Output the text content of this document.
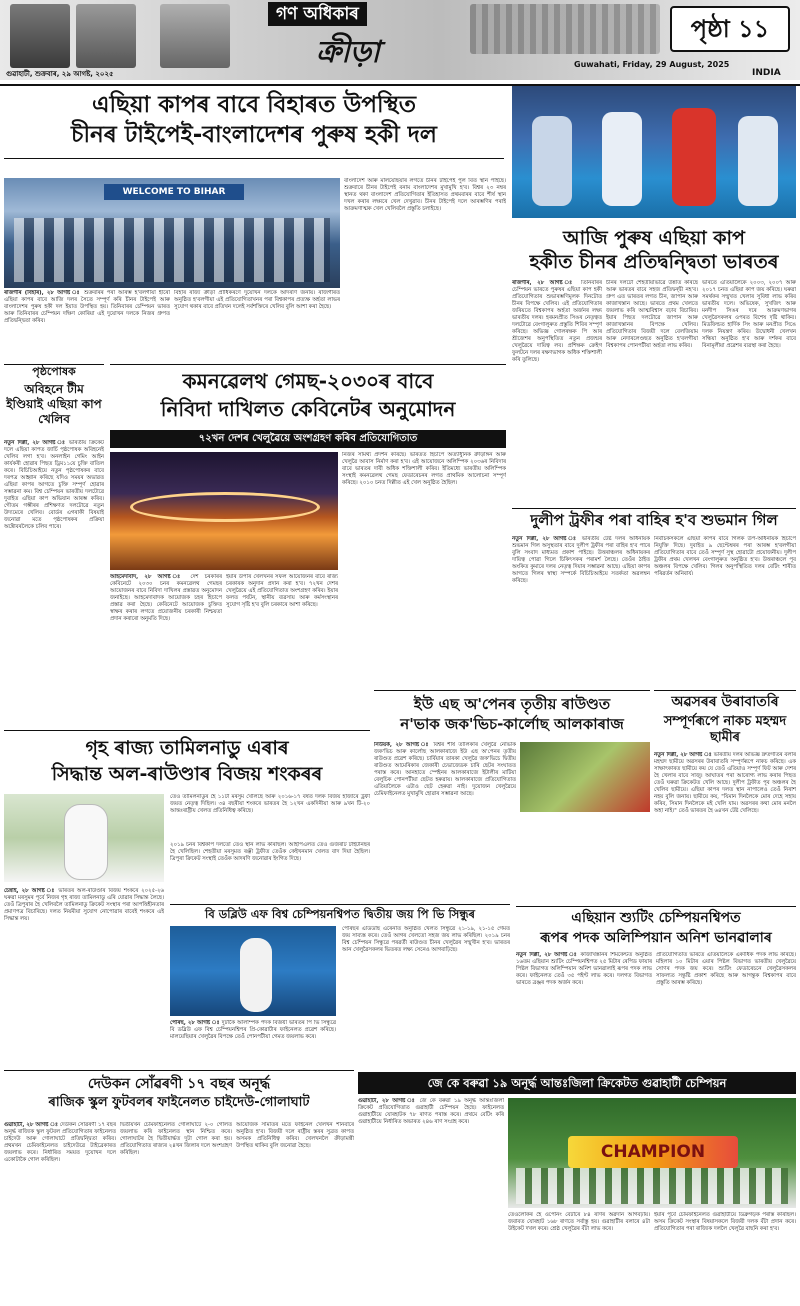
গণ অধিকাৰ
ক্ৰীড়া
গুৱাহাটী, শুক্ৰবাৰ, ২৯ আগষ্ট, ২০২৫
পৃষ্ঠা ১১
Guwahati, Friday, 29 August, 2025
INDIA
এছিয়া কাপৰ বাবে বিহাৰত উপস্থিত
চীনৰ টাইপেই-বাংলাদেশৰ পুৰুষ হকী দল
WELCOME TO BIHAR
ৰাজগীৰ (বিহাৰ), ২৮ আগষ্ট ঃ শুক্ৰবাৰৰ পৰা আৰম্ভ হ'বলগীয়া হীৰো এছিয়া কাপৰ বাবে আজি দলৰ সৈতে সম্পূৰ্ণ কৰি চীনৰ টাইপেই আৰু বাংলাদেশৰ পুৰুষ হকী দল ইয়াত উপস্থিত হয়। তিনিবাৰৰ চেম্পিয়ন ভাৰত আৰু তিনিবাৰৰ চেম্পিয়ন দক্ষিণ কোৰিয়া এই দুয়োখন দলকে নিজৰ গ্ৰুপত প্ৰতিদ্বন্দ্বিতা কৰিব।
বিহাৰ ৰাজ্য ক্ৰীড়া প্ৰাধিকৰণে দুয়োখন দলকে আদৰণি জনায়। ৰাজগীৰত অনুষ্ঠিত হ'বলগীয়া এই প্ৰতিযোগিতাখনৰ পৰা বিশ্বকাপৰ প্ৰত্যক্ষ অৰ্হতা লাভৰ সুযোগ থকাৰ বাবে প্ৰতিখন দলেই সৰ্বশক্তিৰে খেলিব বুলি আশা কৰা হৈছে।
বাংলাদেশ আৰু মালয়েছিয়াৰ লগতে চীনৰ টাইপেই পুল বিত স্থান পাইছে। শুক্ৰবাৰে চীনৰ টাইপেই বনাম বাংলাদেশৰ মুখামুখি হ'ব। বিশ্বৰ ২৩ নম্বৰ স্থানত থকা বাংলাদেশ প্ৰতিযোগিতাৰ ইতিহাসত প্ৰথমবাৰৰ বাবে শীৰ্ষ স্থান দখল কৰাৰ লক্ষ্যৰে খেল দেখুৱাব। চীনৰ টাইপেই দলে আৰম্ভণিৰ পৰাই আক্ৰমণাত্মক খেল খেলিবলৈ প্ৰস্তুতি চলাইছে।
আজি পুৰুষ এছিয়া কাপ
হকীত চীনৰ প্ৰতিদ্বন্দ্বিতা ভাৰতৰ
ৰাজগীৰ, ২৮ আগষ্ট ঃ তিনিবাৰৰ চেম্পিয়ন ভাৰতে পুৰুষৰ এছিয়া কাপ হকী প্ৰতিযোগিতাৰ শুভাৰম্ভণিমূলক দিনটোত চীনৰ বিপক্ষে খেলিব। এই প্ৰতিযোগিতাৰ জৰিয়তে বিশ্বকাপৰ অৰ্হতা অৰ্জনৰ লক্ষ্য ভাৰতীয় দলৰ। হৰমনপ্ৰীত সিঙৰ নেতৃত্বত দলটোৱে বেংগালুৰুত প্ৰস্তুতি শিবিৰ সম্পূৰ্ণ কৰিছে। অভিজ্ঞ গোলৰক্ষক পি আৰ শ্ৰীজেশৰ অনুপস্থিতিত নতুন প্ৰজন্মৰ খেলুৱৈয়ে দায়িত্ব লব। প্ৰশিক্ষক ক্ৰেইগ ফুলটনে দলৰ ৰক্ষণভাগক অধিক শক্তিশালী কৰি তুলিছে।
চীনৰ দলটো শেহতীয়াভাৱে উন্নতি কৰিছে আৰু ভাৰতৰ বাবে সহজ প্ৰতিদ্বন্দ্বী নহ'ব। গ্ৰুপ এত ভাৰতৰ লগত চীন, জাপান আৰু কাজাখস্তান আছে। ভাৰতে প্ৰথম খেলতে জয়লাভ কৰি আত্মবিশ্বাস বঢ়াব বিচাৰিব। ইয়াৰ পিছত দলটোৱে জাপান আৰু কাজাখস্তানৰ বিপক্ষে খেলিব। প্ৰতিযোগিতাৰ বিজয়ী দলে বেলজিয়াম আৰু নেদাৰলেণ্ডছত অনুষ্ঠিত হ'বলগীয়া বিশ্বকাপৰ পোনপটীয়া অৰ্হতা লাভ কৰিব।
ভাৰতে এতিয়ালৈকে ২০০৩, ২০০৭ আৰু ২০১৭ চনত এছিয়া কাপ জয় কৰিছে। ঘৰুৱা সমৰ্থকৰ সন্মুখত খেলাৰ সুবিধা লাভ কৰিব ভাৰতীয় দলে। অভিষেক, সুখজিৎ আৰু মনদীপ সিঙৰ দৰে আক্ৰমণভাগৰ খেলুৱৈসকলৰ ওপৰত বিশেষ দৃষ্টি থাকিব। মিডফিল্ডত হাৰ্দিক সিং আৰু মনপ্ৰীত সিঙে দলক নিয়ন্ত্ৰণ কৰিব। উদ্বোধনী খেলখন সন্ধিয়া অনুষ্ঠিত হ'ব আৰু দৰ্শকৰ বাবে বিনামূলীয়া প্ৰৱেশৰ ব্যৱস্থা কৰা হৈছে।
পৃষ্ঠপোষক
অবিহনে টীম ইণ্ডিয়াই এছিয়া কাপ খেলিব
নতুন দিল্লী, ২৮ আগষ্ট ঃ ভাৰতীয় ক্ৰিকেট দলে এছিয়া কাপত জাৰ্চি পৃষ্ঠপোষক অবিহনেই খেলিব লগা হ'ব। অনলাইন গেমিং আইন কাৰ্যকৰী হোৱাৰ পিছত ড্ৰিম১১য়ে চুক্তি বাতিল কৰে। বিচিচিআইয়ে নতুন পৃষ্ঠপোষকৰ বাবে দৰপত্ৰ আহ্বান কৰিছে যদিও সময়ৰ অভাৱত এছিয়া কাপৰ আগতে চুক্তি সম্পূৰ্ণ হোৱাৰ সম্ভাৱনা কম। বিশ্ব চেম্পিয়ন ভাৰতীয় দলটোৱে দুবাইত এছিয়া কাপ অভিযান আৰম্ভ কৰিব। গৌতম গম্ভীৰৰ প্ৰশিক্ষণত দলটোৱে নতুন উদ্যমেৰে খেলিব। বোৰ্ডৰ এগৰাকী বিষয়াই জনোৱা মতে পৃষ্ঠপোষকৰ প্ৰক্ৰিয়া অক্টোবৰলৈকে চলিব পাৰে।
কমনৱেলথ গেমছ-২০৩০ৰ বাবে
নিবিদা দাখিলত কেবিনেটৰ অনুমোদন
৭২খন দেশৰ খেলুৱৈয়ে অংশগ্ৰহণ কৰিব প্ৰতিযোগিতাত
আহমেদাবাদ, ২৮ আগষ্ট ঃ দেশ চৰকাৰৰ কেবিনেটে ২০৩০ চনৰ কমনৱেলথ গেমছৰ আয়োজনৰ বাবে নিবিদা দাখিলৰ প্ৰস্তাৱত অনুমোদন জনাইছে। আহমেদাবাদক আয়োজক চহৰ হিচাপে প্ৰস্তাৱ কৰা হৈছে। কেবিনেটে আয়োজক চুক্তিত স্বাক্ষৰ কৰাৰ লগতে প্ৰয়োজনীয় চৰকাৰী নিশ্চয়তা প্ৰদান কৰাৰো অনুমতি দিছে।
ইয়াৰ উপৰি খেলখনৰ সফল আয়োজনৰ বাবে ৰাজ্য চৰকাৰক অনুদান প্ৰদান কৰা হ'ব। ৭২খন দেশৰ খেলুৱৈয়ে এই প্ৰতিযোগিতাত অংশগ্ৰহণ কৰিব। ইয়াৰ ফলত পৰ্যটন, স্থানীয় ব্যৱসায় আৰু কৰ্মসংস্থানৰ সুযোগ সৃষ্টি হ'ব বুলি চৰকাৰে আশা কৰিছে।
নিজৰ সামৰ্থ্য প্ৰদৰ্শন কৰিছে। ভাৰতত হিচাপে অত্যাধুনিক ক্ৰীড়াঙ্গন আৰু খেলুৱৈ আবাস নিৰ্মাণ কৰা হ'ব। এই আয়োজনে অলিম্পিক ২০৩৬ৰ নিবিদাৰ বাবে ভাৰতৰ দাবী অধিক শক্তিশালী কৰিব। ইতিমধ্যে ভাৰতীয় অলিম্পিক সংস্থাই কমনৱেলথ গেমছ ফেডাৰেচনৰ লগত প্ৰাথমিক আলোচনা সম্পূৰ্ণ কৰিছে। ২০১০ চনত দিল্লীত এই খেল অনুষ্ঠিত হৈছিল।
দুলীপ ট্ৰফীৰ পৰা বাহিৰ হ'ব শুভমান গিল
নতুন দিল্লী, ২৮ আগষ্ট ঃ ভাৰতীয় টেষ্ট দলৰ অধিনায়ক শুভমান গিল অসুস্থতাৰ বাবে দুলীপ ট্ৰফীৰ পৰা বাহিৰ হ'ব পাৰে বুলি সংবাদ মাধ্যমত প্ৰকাশ পাইছে। উত্তৰাঞ্চলৰ অধিনায়কৰ দায়িত্ব পোৱা গিলে চিকিৎসকৰ পৰামৰ্শ লৈছে। তেওঁৰ ঠাইত অংকিত কুমাৰে দলৰ নেতৃত্ব দিয়াৰ সম্ভাৱনা আছে। এছিয়া কাপৰ আগতে গিলৰ স্বাস্থ্য সম্পৰ্কে বিচিচিআইয়ে সতৰ্কতা অৱলম্বন কৰিছে।
নিৰ্বাচকসকলে এছিয়া কাপৰ বাবে গিলক উপ-অধিনায়ক হিচাপে নিযুক্তি দিছে। দুবাইত ৯ ছেপ্টেম্বৰৰ পৰা আৰম্ভ হ'বলগীয়া প্ৰতিযোগিতাৰ বাবে তেওঁ সম্পূৰ্ণ সুস্থ হোৱাটো প্ৰয়োজনীয়। দুলীপ ট্ৰফীৰ প্ৰথম খেলখন বেংগালুৰুত অনুষ্ঠিত হ'ব। উত্তৰাঞ্চলে পূব অঞ্চলৰ বিপক্ষে খেলিব। গিলৰ অনুপস্থিতিত দলৰ বেটিং শাৰীত পৰিৱৰ্তন অনিবাৰ্য।
অৱসৰৰ উৰাবাতৰি
সম্পূৰ্ণৰূপে নাকচ মহম্মদ ছামীৰ
নতুন দিল্লী, ২৮ আগষ্ট ঃ ভাৰতীয় দলৰ অভিজ্ঞ দ্ৰুতগতিৰ বলাৰ মহম্মদ ছামীয়ে অৱসৰৰ উৰাবাতৰি সম্পূৰ্ণৰূপে নাকচ কৰিছে। এক সাক্ষাৎকাৰত ছামীয়ে কয় যে তেওঁ এতিয়াও সম্পূৰ্ণ ফিট আৰু দেশৰ হৈ খেলাৰ বাবে সাজু। আঘাতৰ পৰা আৰোগ্য লাভ কৰাৰ পিছত তেওঁ ঘৰুৱা ক্ৰিকেটত খেলি আছে। দুলীপ ট্ৰফীত পূব অঞ্চলৰ হৈ খেলিব ছামীয়ে। এছিয়া কাপৰ দলত স্থান নাপালেও তেওঁ নিৰাশ নহয় বুলি জনায়। ছামীয়ে কয়, "যিমান দিনলৈকে মোৰ দেহে সহায় কৰিব, সিমান দিনলৈকে মই খেলি যাম। অৱসৰৰ কথা মোৰ মনলৈ অহা নাই।" তেওঁ ভাৰতৰ হৈ ৬৪খন টেষ্ট খেলিছে।
ইউ এছ অ'পেনৰ তৃতীয় ৰাউণ্ডত
ন'ভাক জক'ভিচ-কাৰ্লোছ আলকাৰাজ
নিউয়ৰ্ক, ২৮ আগষ্ট ঃ বিশ্বৰ শীৰ্ষ তালিকাৰ খেলুৱৈ নোভাক জক'ভিচ আৰু কাৰ্লোছ আলকাৰাজে ইউ এছ অ'পেনৰ তৃতীয় ৰাউণ্ডত প্ৰৱেশ কৰিছে। চাৰ্বিয়াৰ তাৰকা খেলুৱৈ জক'ভিচে দ্বিতীয় ৰাউণ্ডত আমেৰিকাৰ জেকাৰী চেভাজেডক চাৰি ছেটৰ সংঘাতত পৰাস্ত কৰে। আনহাতে স্পেইনৰ আলকাৰাজে ইটালীৰ মাটিয়া বেলুচিক পোনপটীয়া ছেটত হৰুৱায়। আলকাৰাজে প্ৰতিযোগিতাত এতিয়ালৈকে এটাও ছেট হেৰুৱা নাই। দুয়োজন খেলুৱৈয়ে চেমিফাইনেলত মুখামুখি হোৱাৰ সম্ভাৱনা আছে।
গৃহ ৰাজ্য তামিলনাডু এৰাৰ
সিদ্ধান্ত অল-ৰাউণ্ডাৰ বিজয় শংকৰৰ
চেন্নাই, ২৮ আগষ্ট ঃ ভাৰতৰ অল-ৰাউণ্ডাৰ বিজয় শংকৰে ২০২৫-২৬ ঘৰুৱা মৰসুমৰ পূৰ্বে নিজৰ গৃহ ৰাজ্য তামিলনাডু এৰি যোৱাৰ সিদ্ধান্ত লৈছে। তেওঁ ত্ৰিপুৰাৰ হৈ খেলিবলৈ তামিলনাডু ক্ৰিকেট সংস্থাৰ পৰা আপত্তিহীনতাৰ প্ৰমাণপত্ৰ বিচাৰিছে। দলত নিয়মীয়া সুযোগ নোপোৱাৰ বাবেই শংকৰে এই সিদ্ধান্ত লয়।
তেওঁ তামিলনাডুৰ হৈ ১১টা মৰসুম খেলিছে আৰু ২০১৬-১৭ বৰ্ষত দলক বিজয় হাজাৰে ট্ৰফী জয়ত নেতৃত্ব দিছিল। ৩৪ বছৰীয়া শংকৰে ভাৰতৰ হৈ ১২খন একদিনীয়া আৰু ৯খন টি-২০ আন্তঃৰাষ্ট্ৰীয় খেলত প্ৰতিনিধিত্ব কৰিছে।
২০১৯ চনৰ বিশ্বকাপ দলতো তেওঁ স্থান লাভ কৰিছিল। আইপিএলত তেওঁ গুজৰাট টাইটানছৰ হৈ খেলিছিল। শেহতীয়া মৰসুমত ৰঞ্জী ট্ৰফীত তেওঁক কেইখনমান খেলত বাদ দিয়া হৈছিল। ত্ৰিপুৰা ক্ৰিকেট সংস্থাই তেওঁক আদৰণি জনোৱাৰ ইংগিত দিছে।
বি ডব্লিউ এফ বিশ্ব চেম্পিয়নশ্বিপত দ্বিতীয় জয় পি ভি সিন্ধুৰ
পেৰিছৰ এডিডাছ এৰেনাত অনুষ্ঠিত খেলত সিন্ধুৱে ২১-১৯, ২১-১৫ গেমত জয় সাব্যস্ত কৰে। তেওঁ আগৰ খেলতো সহজ জয় লাভ কৰিছিল। ২০১৯ চনৰ বিশ্ব চেম্পিয়ন সিন্ধুৱে পৰৱৰ্তী ৰাউণ্ডত চীনৰ খেলুৱৈৰ সন্মুখীন হ'ব। ভাৰতৰ আন খেলুৱৈসকলৰ ভিতৰত লক্ষ্য সেনেও আগবাঢ়িছে।
পেৰিছ, ২৮ আগষ্ট ঃ দুটাকৈ অলিম্পিক পদক বিজয়ী ভাৰতৰ পি ভি সিন্ধুৱে বি ডব্লিউ এফ বিশ্ব চেম্পিয়নশ্বিপৰ প্ৰি-কোৱাৰ্টাৰ ফাইনেলত প্ৰৱেশ কৰিছে। মালয়েছিয়াৰ খেলুৱৈৰ বিপক্ষে তেওঁ পোনপটীয়া গেমত জয়লাভ কৰে।
এছিয়ান শ্যুটিং চেম্পিয়নশ্বিপত
ৰূপৰ পদক অলিম্পিয়ান অনিশ ভানৱালাৰ
নতুন দিল্লী, ২৮ আগষ্ট ঃ কাজাখস্তানৰ শিমকেন্টত অনুষ্ঠিত ১৬তম এছিয়ান শ্যুটিং চেম্পিয়নশ্বিপত ২৫ মিটাৰ ৰেপিড ফায়াৰ পিষ্টল বিভাগত অলিম্পিয়ান অনিশ ভানৱালাই ৰূপৰ পদক লাভ কৰে। ফাইনেলত তেওঁ ৩৫ পইণ্ট লাভ কৰে। দলগত বিভাগত ভাৰতে ব্ৰঞ্জৰ পদক অৰ্জন কৰে।
প্ৰতিযোগিতাত ভাৰতে এতিয়ালৈকে একাধিক পদক লাভ কৰিছে। মহিলাৰ ১০ মিটাৰ এয়াৰ পিষ্টল বিভাগত ভাৰতীয় খেলুৱৈয়ে সোণৰ পদক জয় কৰে। শ্যুটিং ফেডাৰেচনে খেলুৱৈসকলৰ সাফল্যত সন্তুষ্টি প্ৰকাশ কৰিছে আৰু আগন্তুক বিশ্বকাপৰ বাবে প্ৰস্তুতি আৰম্ভ কৰিছে।
দেউকন সোঁৱৰণী ১৭ বছৰ অনূৰ্দ্ধ
ৰাজিক স্কুল ফুটবলৰ ফাইনেলত চাইদেউ-গোলাঘাট
গুৱাহাটী, ২৮ আগষ্ট ঃ দেউকন সোঁৱৰণী ১৭ বছৰ অনূৰ্দ্ধ ৰাজ্যিক স্কুল ফুটবল প্ৰতিযোগিতাৰ ফাইনেলত চাইদেউ আৰু গোলাঘাটে প্ৰতিদ্বন্দ্বিতা কৰিব। প্ৰথমখন চেমিফাইনেলত চাইদেউৱে টাইব্ৰেকাৰত জয়লাভ কৰে। নিৰ্ধাৰিত সময়ত দুয়োখন দলে একোটাকৈ গোল কৰিছিল।
দ্বিতীয়খন চেমিফাইনেলত গোলাঘাটে ২-০ গোলত জয়লাভ কৰি ফাইনেলত স্থান নিশ্চিত কৰে। গোলাঘাটৰ হৈ দ্বিতীয়াৰ্দ্ধত দুটা গোল কৰা হয়। প্ৰতিযোগিতাত ৰাজ্যৰ ২৪খন জিলাৰ দলে অংশগ্ৰহণ কৰিছিল।
আয়োজক সমিতিৰ মতে ফাইনেল খেলখন শনিবাৰে অনুষ্ঠিত হ'ব। বিজয়ী দলে ৰাষ্ট্ৰীয় স্তৰৰ সুব্ৰত কাপত অসমক প্ৰতিনিধিত্ব কৰিব। খেলখনলৈ ক্ৰীড়ামন্ত্ৰী উপস্থিত থাকিব বুলি জনোৱা হৈছে।
জে কে বৰুৱা ১৯ অনূৰ্দ্ধ আন্তঃজিলা ক্ৰিকেটত গুৱাহাটী চেম্পিয়ন
গুৱাহাটী, ২৮ আগষ্ট ঃ জে কে বৰুৱা ১৯ অনূৰ্দ্ধ আন্তঃজিলা ক্ৰিকেট প্ৰতিযোগিতাত গুৱাহাটী চেম্পিয়ন হৈছে। ফাইনেলত গুৱাহাটীয়ে যোৰহাটক ৭৮ ৰাণত পৰাস্ত কৰে। প্ৰথমে বেটিং কৰি গুৱাহাটীয়ে নিৰ্ধাৰিত অভাৰত ২৪৬ ৰাণ সংগ্ৰহ কৰে।
CHAMPION
তেওঁলোকৰ হৈ ওপেনিং বেটাৰে ৮৪ ৰাণৰ অৱদান আগবঢ়ায়। জবাবত যোৰহাট ১৬৮ ৰাণতে সৰ্বাস্তু হয়। গুৱাহাটীৰ বলাৰে ৪টা উইকেট দখল কৰে। শ্ৰেষ্ঠ খেলুৱৈৰ বঁটা লাভ কৰে।
ইয়াৰ পূৰ্বে চেমিফাইনেলত গুৱাহাটীয়ে ডিব্ৰুগড়ক পৰাস্ত কৰিছিল। অসম ক্ৰিকেট সংস্থাৰ বিষয়াসকলে বিজয়ী দলক বঁটা প্ৰদান কৰে। প্ৰতিযোগিতাৰ পৰা ৰাজ্যিক দললৈ খেলুৱৈ বাছনি কৰা হ'ব।
